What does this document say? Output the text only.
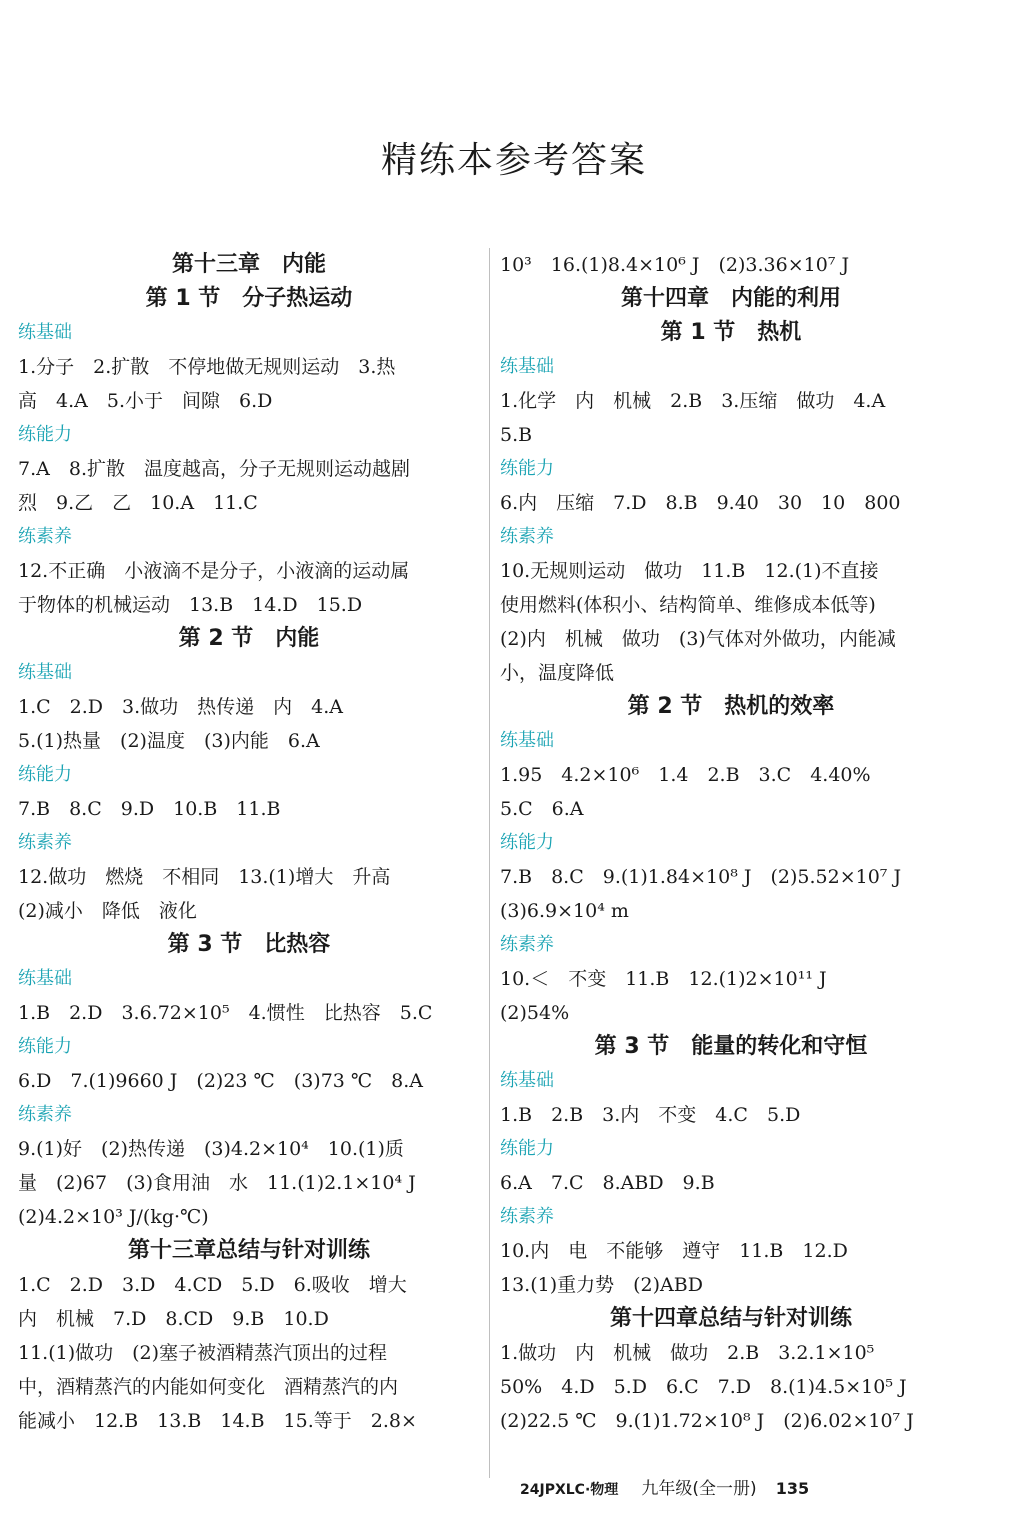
精练本参考答案
第十三章　内能
第 1 节　分子热运动
练基础
1.分子　2.扩散　不停地做无规则运动　3.热
高　4.A　5.小于　间隙　6.D
练能力
7.A　8.扩散　温度越高，分子无规则运动越剧
烈　9.乙　乙　10.A　11.C
练素养
12.不正确　小液滴不是分子，小液滴的运动属
于物体的机械运动　13.B　14.D　15.D
第 2 节　内能
练基础
1.C　2.D　3.做功　热传递　内　4.A
5.(1)热量　(2)温度　(3)内能　6.A
练能力
7.B　8.C　9.D　10.B　11.B
练素养
12.做功　燃烧　不相同　13.(1)增大　升高
(2)减小　降低　液化
第 3 节　比热容
练基础
1.B　2.D　3.6.72×10⁵　4.惯性　比热容　5.C
练能力
6.D　7.(1)9660 J　(2)23 ℃　(3)73 ℃　8.A
练素养
9.(1)好　(2)热传递　(3)4.2×10⁴　10.(1)质
量　(2)67　(3)食用油　水　11.(1)2.1×10⁴ J
(2)4.2×10³ J/(kg·℃)
第十三章总结与针对训练
1.C　2.D　3.D　4.CD　5.D　6.吸收　增大
内　机械　7.D　8.CD　9.B　10.D
11.(1)做功　(2)塞子被酒精蒸汽顶出的过程
中，酒精蒸汽的内能如何变化　酒精蒸汽的内
能减小　12.B　13.B　14.B　15.等于　2.8×
10³　16.(1)8.4×10⁶ J　(2)3.36×10⁷ J
第十四章　内能的利用
第 1 节　热机
练基础
1.化学　内　机械　2.B　3.压缩　做功　4.A
5.B
练能力
6.内　压缩　7.D　8.B　9.40　30　10　800
练素养
10.无规则运动　做功　11.B　12.(1)不直接
使用燃料(体积小、结构简单、维修成本低等)
(2)内　机械　做功　(3)气体对外做功，内能减
小，温度降低
第 2 节　热机的效率
练基础
1.95　4.2×10⁶　1.4　2.B　3.C　4.40%
5.C　6.A
练能力
7.B　8.C　9.(1)1.84×10⁸ J　(2)5.52×10⁷ J
(3)6.9×10⁴ m
练素养
10.＜　不变　11.B　12.(1)2×10¹¹ J
(2)54%
第 3 节　能量的转化和守恒
练基础
1.B　2.B　3.内　不变　4.C　5.D
练能力
6.A　7.C　8.ABD　9.B
练素养
10.内　电　不能够　遵守　11.B　12.D
13.(1)重力势　(2)ABD
第十四章总结与针对训练
1.做功　内　机械　做功　2.B　3.2.1×10⁵
50%　4.D　5.D　6.C　7.D　8.(1)4.5×10⁵ J
(2)22.5 ℃　9.(1)1.72×10⁸ J　(2)6.02×10⁷ J
24JPXLC·物理 九年级(全一册) 135
